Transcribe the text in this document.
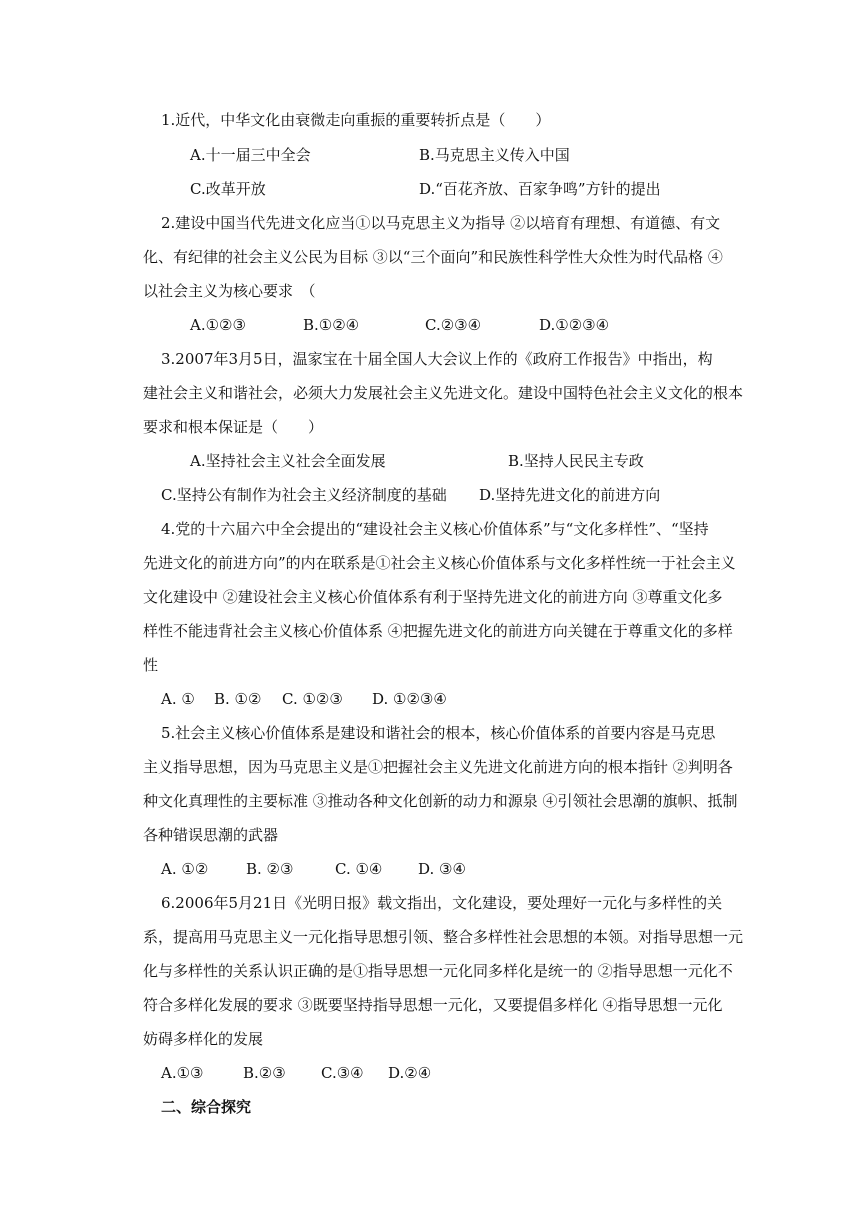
1.近代，中华文化由衰微走向重振的重要转折点是（　　）
A.十一届三中全会	B.马克思主义传入中国
C.改革开放	D.“百花齐放、百家争鸣”方针的提出
2.建设中国当代先进文化应当①以马克思主义为指导 ②以培育有理想、有道德、有文
化、有纪律的社会主义公民为目标 ③以“三个面向”和民族性科学性大众性为时代品格 ④
以社会主义为核心要求　（
A.①②③	B.①②④	C.②③④	D.①②③④
3.2007年3月5日，温家宝在十届全国人大会议上作的《政府工作报告》中指出，构
建社会主义和谐社会，必须大力发展社会主义先进文化。建设中国特色社会主义文化的根本
要求和根本保证是（　　）
A.坚持社会主义社会全面发展	B.坚持人民民主专政
C.坚持公有制作为社会主义经济制度的基础 D.坚持先进文化的前进方向
4.党的十六届六中全会提出的“建设社会主义核心价值体系”与“文化多样性”、“坚持
先进文化的前进方向”的内在联系是①社会主义核心价值体系与文化多样性统一于社会主义
文化建设中 ②建设社会主义核心价值体系有利于坚持先进文化的前进方向 ③尊重文化多
样性不能违背社会主义核心价值体系 ④把握先进文化的前进方向关键在于尊重文化的多样
性
A. ① B. ①② C. ①②③ D. ①②③④
5.社会主义核心价值体系是建设和谐社会的根本，核心价值体系的首要内容是马克思
主义指导思想，因为马克思主义是①把握社会主义先进文化前进方向的根本指针 ②判明各
种文化真理性的主要标准 ③推动各种文化创新的动力和源泉 ④引领社会思潮的旗帜、抵制
各种错误思潮的武器
A. ①②	B. ②③	C. ①④ D. ③④
6.2006年5月21日《光明日报》载文指出，文化建设，要处理好一元化与多样性的关
系，提高用马克思主义一元化指导思想引领、整合多样性社会思想的本领。对指导思想一元
化与多样性的关系认识正确的是①指导思想一元化同多样化是统一的 ②指导思想一元化不
符合多样化发展的要求 ③既要坚持指导思想一元化，又要提倡多样化 ④指导思想一元化
妨碍多样化的发展
A.①③	B.②③ C.③④ D.②④
二、综合探究
